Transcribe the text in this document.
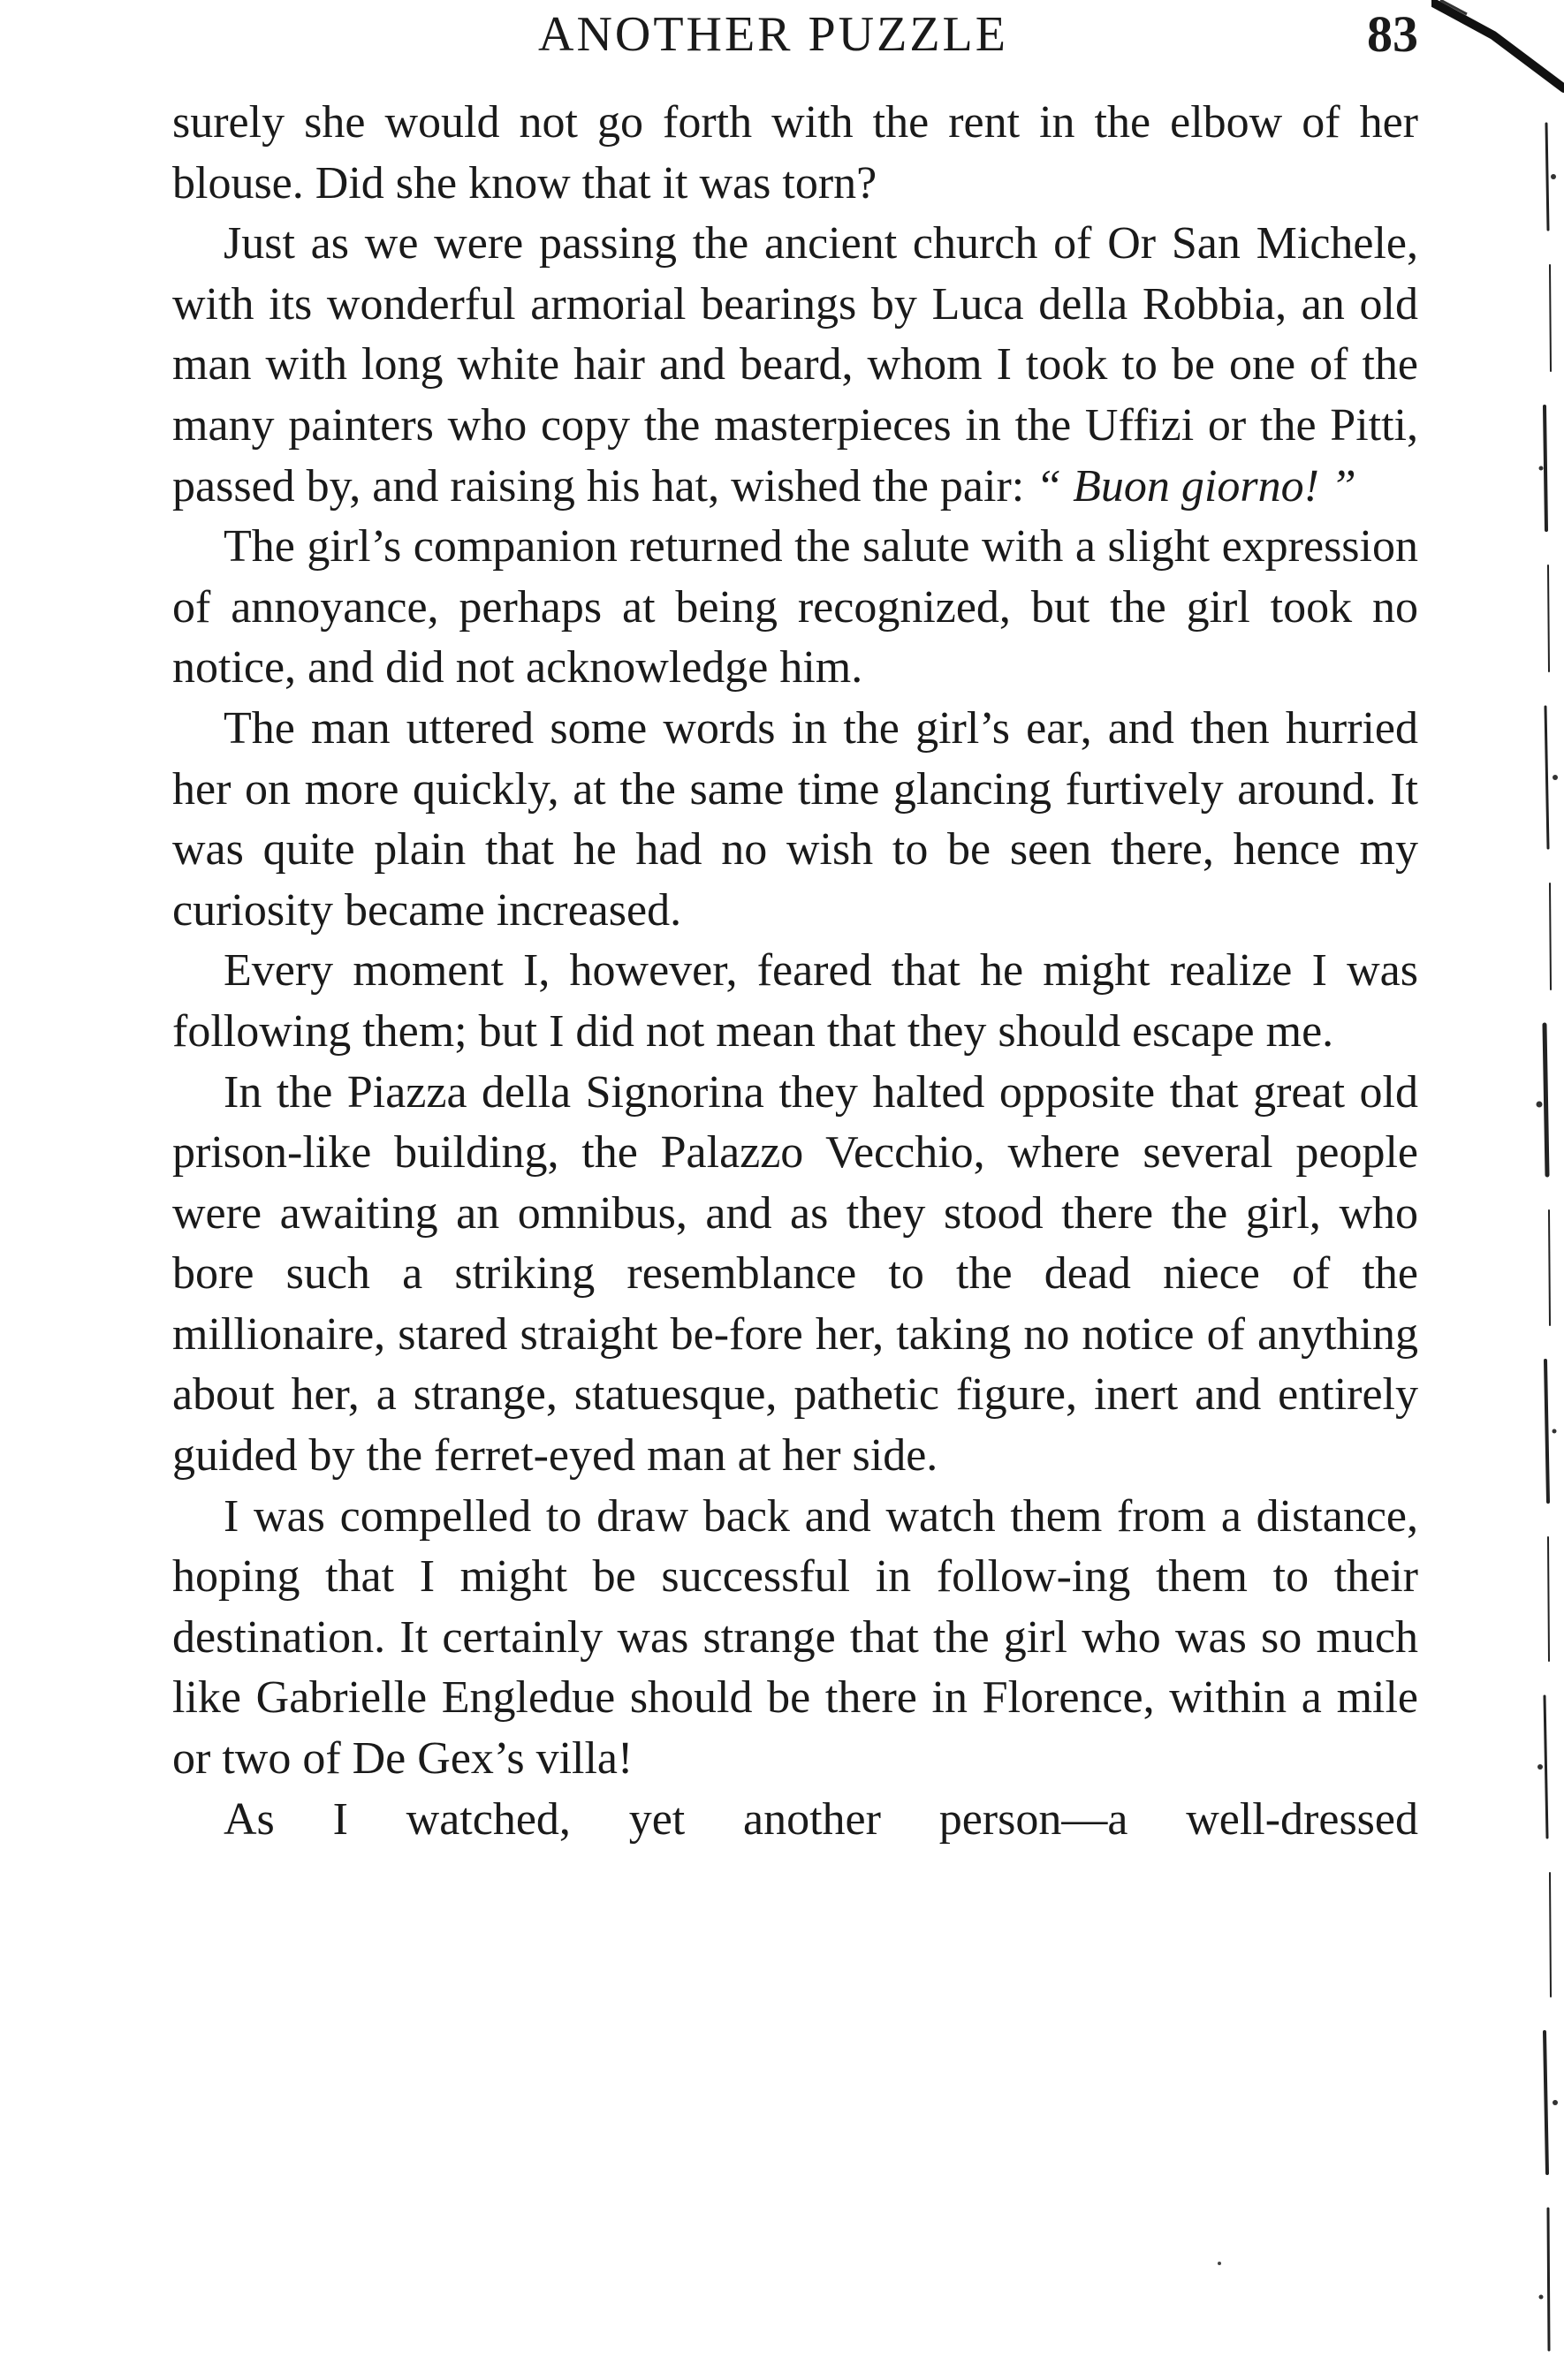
ANOTHER PUZZLE	83

surely she would not go forth with the rent in the elbow of her blouse. Did she know that it was torn?

Just as we were passing the ancient church of Or San Michele, with its wonderful armorial bearings by Luca della Robbia, an old man with long white hair and beard, whom I took to be one of the many painters who copy the masterpieces in the Uffizi or the Pitti, passed by, and raising his hat, wished the pair: “ Buon giorno! ”

The girl’s companion returned the salute with a slight expression of annoyance, perhaps at being recognized, but the girl took no notice, and did not acknowledge him.

The man uttered some words in the girl’s ear, and then hurried her on more quickly, at the same time glancing furtively around. It was quite plain that he had no wish to be seen there, hence my curiosity became increased.

Every moment I, however, feared that he might realize I was following them; but I did not mean that they should escape me.

In the Piazza della Signorina they halted opposite that great old prison-like building, the Palazzo Vecchio, where several people were awaiting an omnibus, and as they stood there the girl, who bore such a striking resemblance to the dead niece of the millionaire, stared straight be-fore her, taking no notice of anything about her, a strange, statuesque, pathetic figure, inert and entirely guided by the ferret-eyed man at her side.

I was compelled to draw back and watch them from a distance, hoping that I might be successful in follow-ing them to their destination. It certainly was strange that the girl who was so much like Gabrielle Engledue should be there in Florence, within a mile or two of De Gex’s villa!

As I watched, yet another person—a well-dressed
